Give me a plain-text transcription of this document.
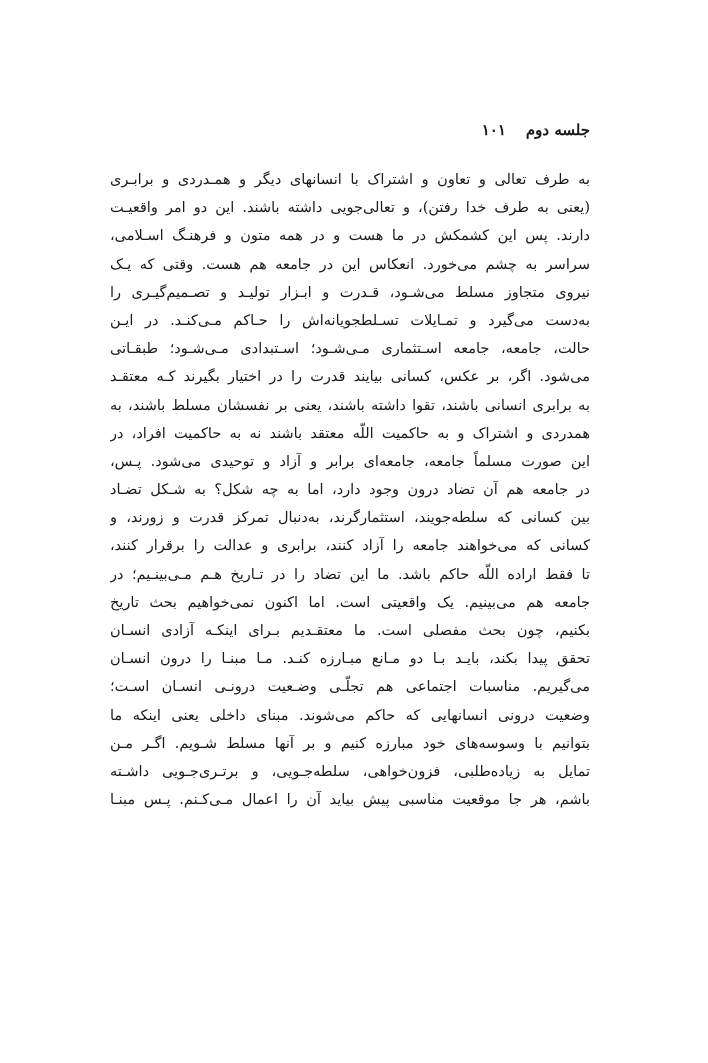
جلسه دوم
۱۰۱
به طرف تعالی و تعاون و اشتراک با انسانهای دیگر و همـدردی و برابـری
(یعنی به طرف خدا رفتن)، و تعالی‌جویی داشته باشند. این دو امر واقعیـت
دارند. پس این کشمکش در ما هست و در همه متون و فرهنـگ اسـلامی،
سراسر به چشم می‌خورد. انعکاس این در جامعه هم هست. وقتی که یـک
نیروی متجاوز مسلط می‌شـود، قـدرت و ابـزار تولیـد و تصـمیم‌گیـری را
به‌دست می‌گیرد و تمـایلات تسـلطجویانه‌اش را حـاکم مـی‌کنـد. در ایـن
حالت، جامعه، جامعه اسـتثماری مـی‌شـود؛ اسـتبدادی مـی‌شـود؛ طبقـاتی
می‌شود. اگر، بر عکس، کسانی بیایند قدرت را در اختیار بگیرند کـه معتقـد
به برابری انسانی باشند، تقوا داشته باشند، یعنی بر نفسشان مسلط باشند، به
همدردی و اشتراک و به حاکمیت اللّه معتقد باشند نه به حاکمیت افراد، در
این صورت مسلماً جامعه، جامعه‌ای برابر و آزاد و توحیدی می‌شود. پـس،
در جامعه هم آن تضاد درون وجود دارد، اما به چه شکل؟ به شـکل تضـاد
بین کسانی که سلطه‌جویند، استثمارگرند، به‌دنبال تمرکز قدرت و زورند، و
کسانی که می‌خواهند جامعه را آزاد کنند، برابری و عدالت را برقرار کنند،
تا فقط اراده اللّه حاکم باشد. ما این تضاد را در تـاریخ هـم مـی‌بینـیم؛ در
جامعه هم می‌بینیم. یک واقعیتی است. اما اکنون نمی‌خواهیم بحث تاریخ
بکنیم، چون بحث مفصلی است. ما معتقـدیم بـرای اینکـه آزادی انسـان
تحقق پیدا بکند، بایـد بـا دو مـانع مبـارزه کنـد. مـا مبنـا را درون انسـان
می‌گیریم. مناسبات اجتماعی هم تجلّـی وضـعیت درونـی انسـان اسـت؛
وضعیت درونی انسانهایی که حاکم می‌شوند. مبنای داخلی یعنی اینکه ما
بتوانیم با وسوسه‌های خود مبارزه کنیم و بر آنها مسلط شـویم. اگـر مـن
تمایل به زیاده‌طلبی، فزون‌خواهی، سلطه‌جـویی، و برتـری‌جـویی داشـته
باشم، هر جا موقعیت مناسبی پیش بیاید آن را اعمال مـی‌کـنم. پـس مبنـا
